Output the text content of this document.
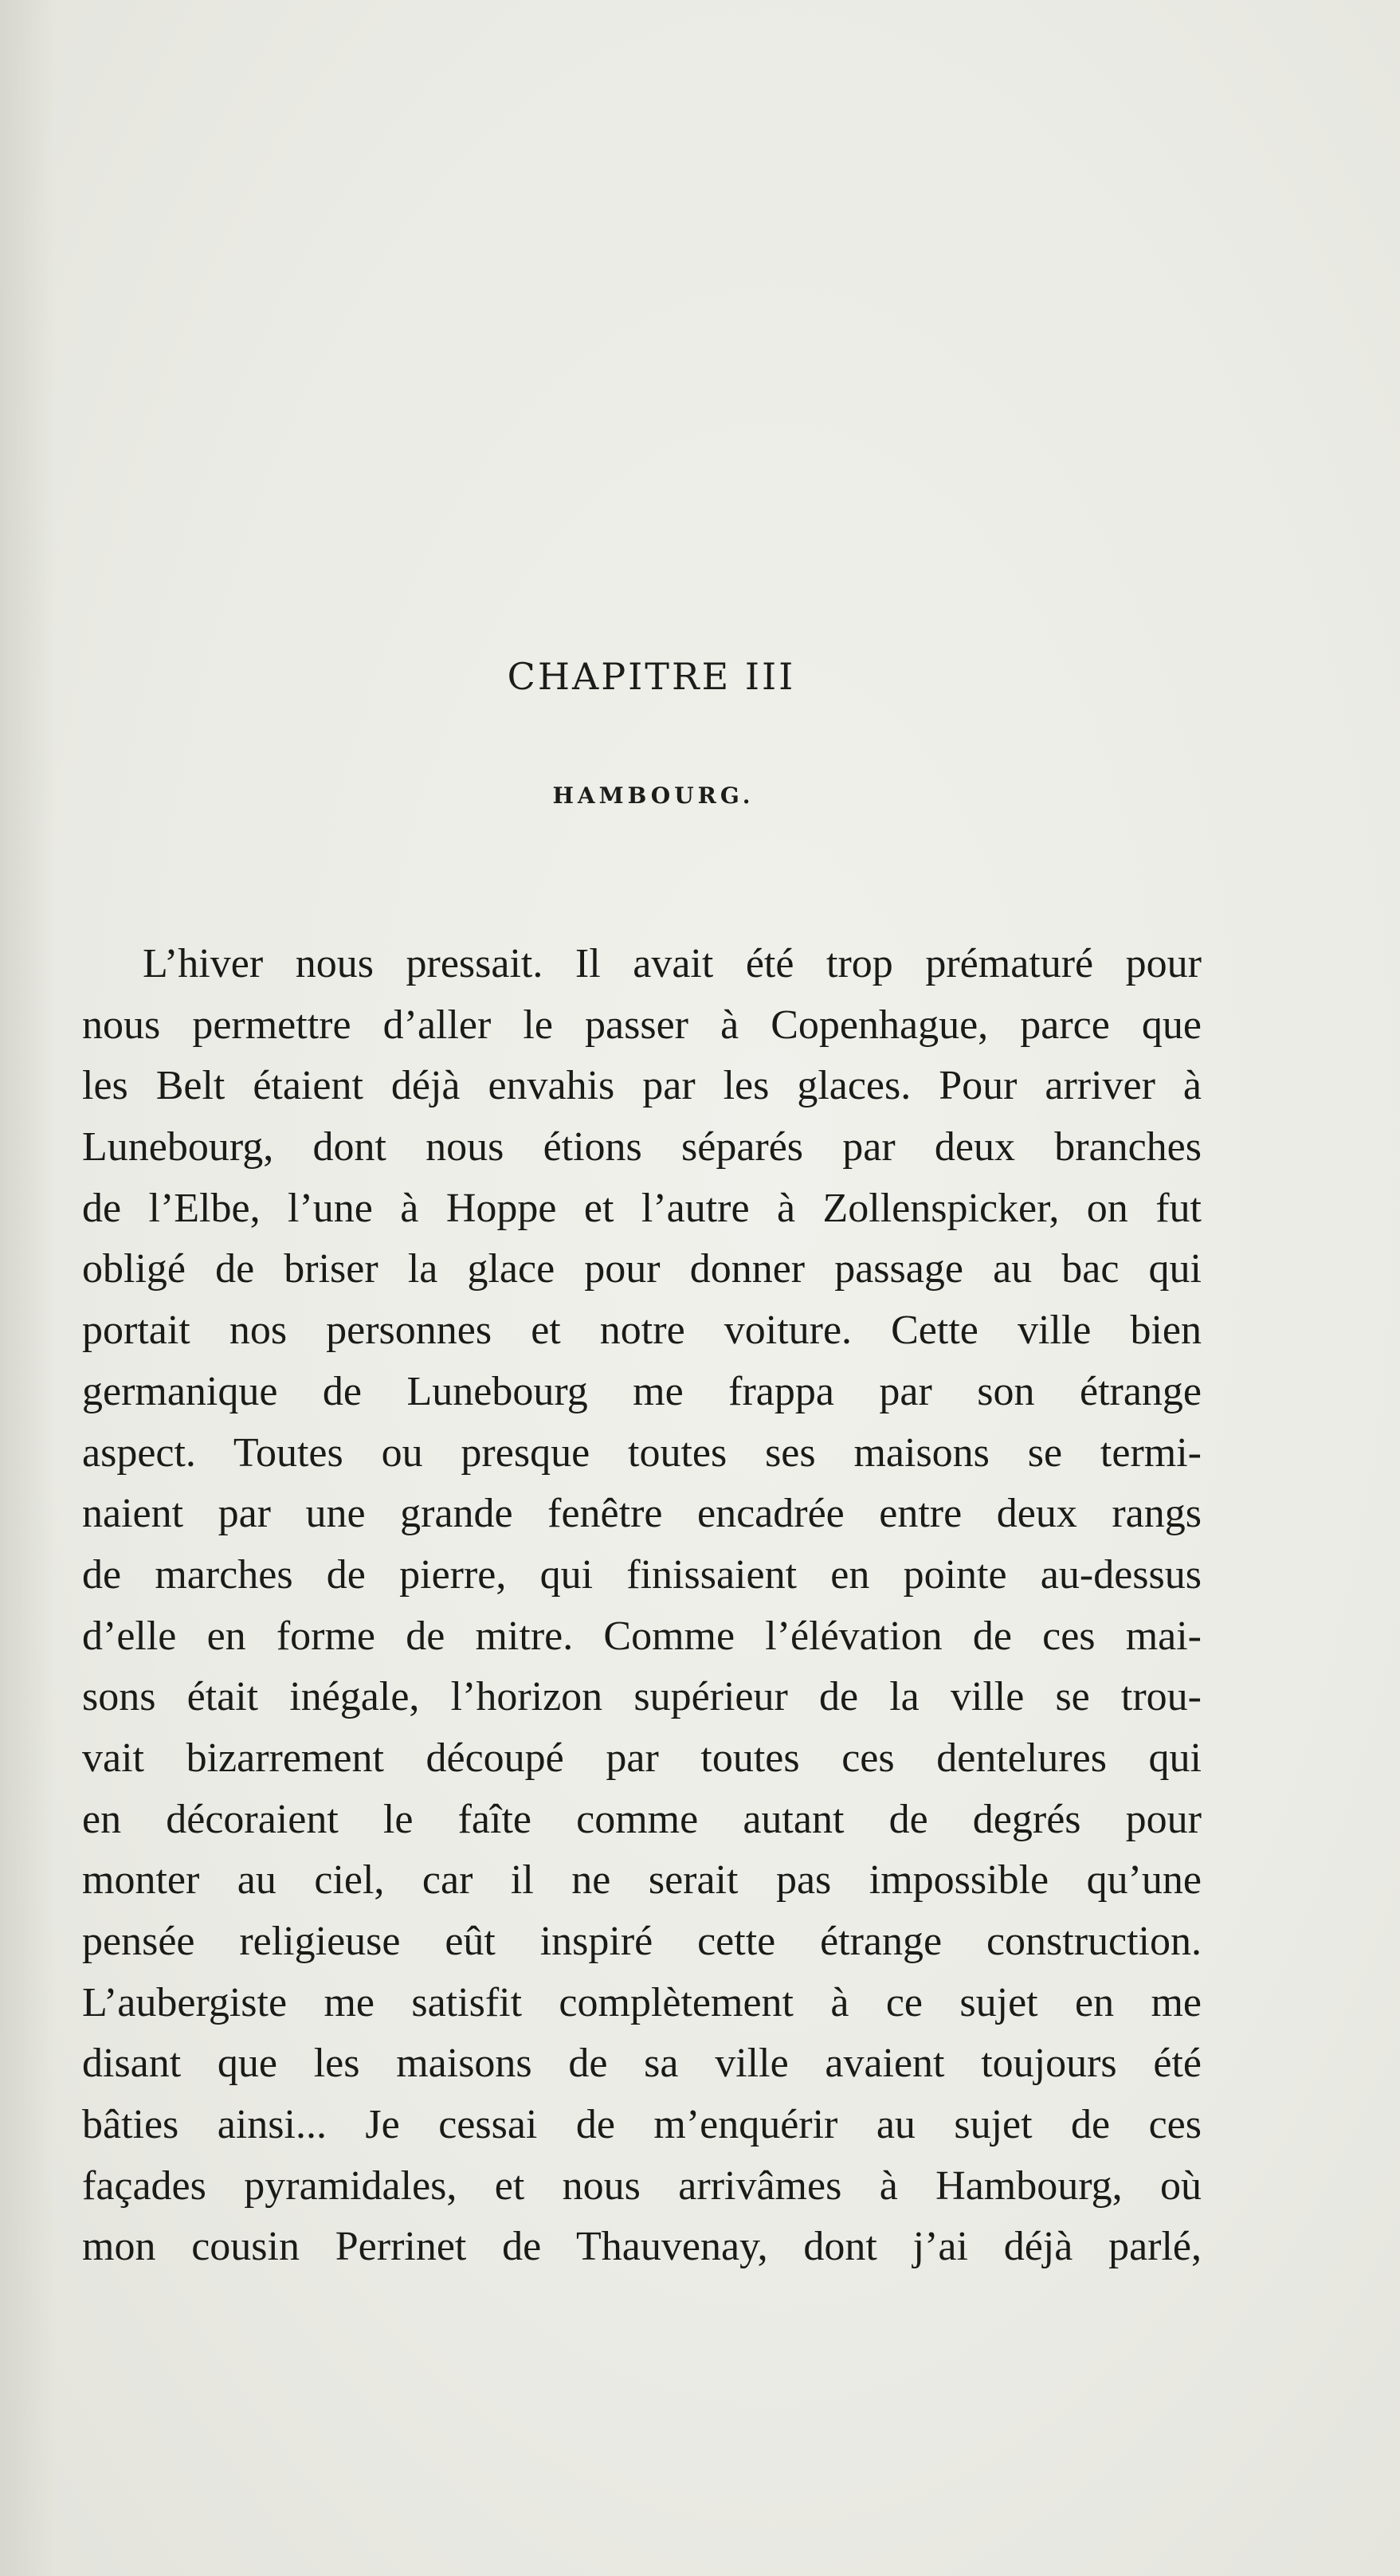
CHAPITRE III
HAMBOURG.
L’hiver nous pressait. Il avait été trop prématuré pour
nous permettre d’aller le passer à Copenhague, parce que
les Belt étaient déjà envahis par les glaces. Pour arriver à
Lunebourg, dont nous étions séparés par deux branches
de l’Elbe, l’une à Hoppe et l’autre à Zollenspicker, on fut
obligé de briser la glace pour donner passage au bac qui
portait nos personnes et notre voiture. Cette ville bien
germanique de Lunebourg me frappa par son étrange
aspect. Toutes ou presque toutes ses maisons se termi-
naient par une grande fenêtre encadrée entre deux rangs
de marches de pierre, qui finissaient en pointe au-dessus
d’elle en forme de mitre. Comme l’élévation de ces mai-
sons était inégale, l’horizon supérieur de la ville se trou-
vait bizarrement découpé par toutes ces dentelures qui
en décoraient le faîte comme autant de degrés pour
monter au ciel, car il ne serait pas impossible qu’une
pensée religieuse eût inspiré cette étrange construction.
L’aubergiste me satisfit complètement à ce sujet en me
disant que les maisons de sa ville avaient toujours été
bâties ainsi... Je cessai de m’enquérir au sujet de ces
façades pyramidales, et nous arrivâmes à Hambourg, où
mon cousin Perrinet de Thauvenay, dont j’ai déjà parlé,
